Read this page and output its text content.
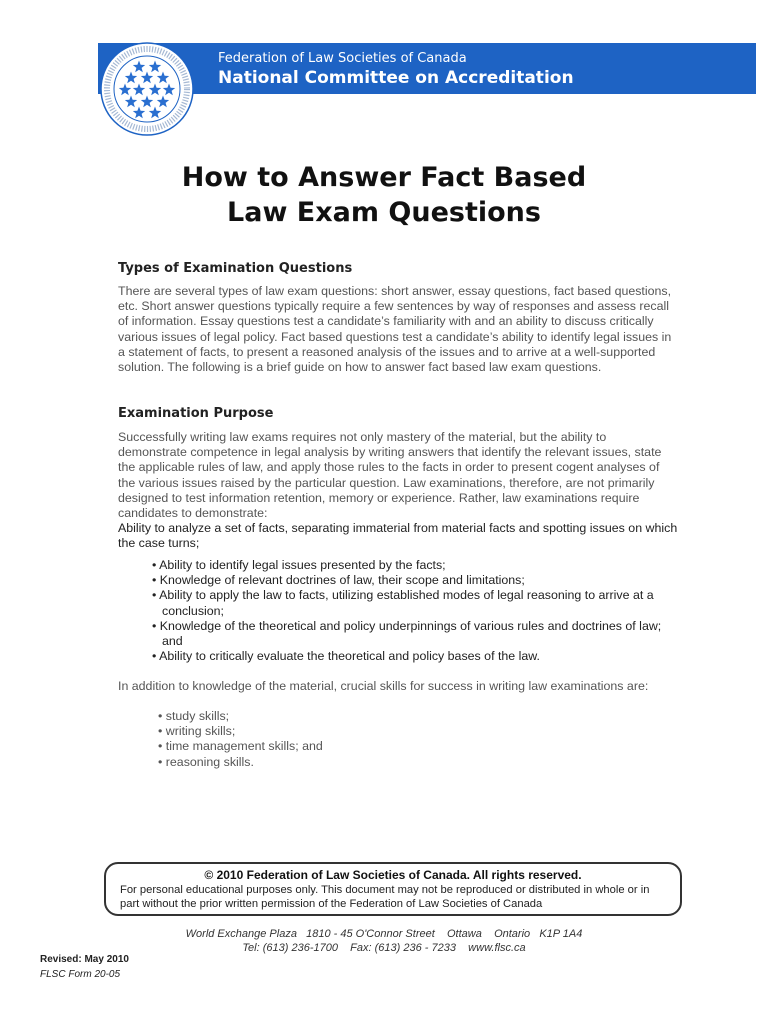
Federation of Law Societies of Canada
National Committee on Accreditation
How to Answer Fact Based
Law Exam Questions
Types of Examination Questions

There are several types of law exam questions: short answer, essay questions, fact based questions, etc. Short answer questions typically require a few sentences by way of responses and assess recall of information. Essay questions test a candidate’s familiarity with and an ability to discuss critically various issues of legal policy. Fact based questions test a candidate’s ability to identify legal issues in a statement of facts, to present a reasoned analysis of the issues and to arrive at a well-supported solution. The following is a brief guide on how to answer fact based law exam questions.

Examination Purpose

Successfully writing law exams requires not only mastery of the material, but the ability to demonstrate competence in legal analysis by writing answers that identify the relevant issues, state the applicable rules of law, and apply those rules to the facts in order to present cogent analyses of the various issues raised by the particular question. Law examinations, therefore, are not primarily designed to test information retention, memory or experience. Rather, law examinations require candidates to demonstrate:

Ability to analyze a set of facts, separating immaterial from material facts and spotting issues on which the case turns;

• Ability to identify legal issues presented by the facts;
• Knowledge of relevant doctrines of law, their scope and limitations;
• Ability to apply the law to facts, utilizing established modes of legal reasoning to arrive at a conclusion;
• Knowledge of the theoretical and policy underpinnings of various rules and doctrines of law; and
• Ability to critically evaluate the theoretical and policy bases of the law.

In addition to knowledge of the material, crucial skills for success in writing law examinations are:

• study skills;
• writing skills;
• time management skills; and
• reasoning skills.
© 2010 Federation of Law Societies of Canada. All rights reserved.
For personal educational purposes only. This document may not be reproduced or distributed in whole or in part without the prior written permission of the Federation of Law Societies of Canada
World Exchange Plaza   1810 - 45 O'Connor Street    Ottawa    Ontario   K1P 1A4
Tel: (613) 236-1700    Fax: (613) 236 - 7233    www.flsc.ca
Revised: May 2010
FLSC Form 20-05
